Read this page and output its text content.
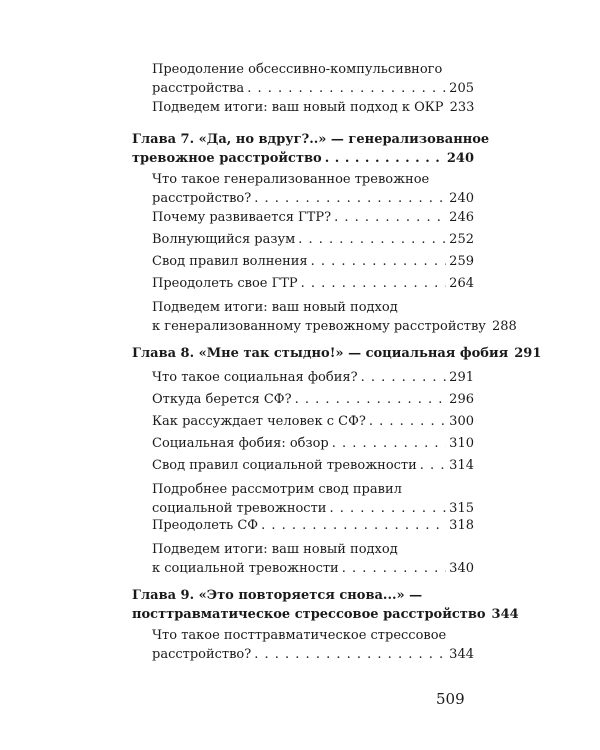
Преодоление обсессивно-компульсивного
расстройства . . .	205
Подведем итоги: ваш новый подход к ОКР 233
Глава 7. «Да, но вдруг?..» — генерализованное
тревожное расстройство . . .	240
Что такое генерализованное тревожное
расстройство? . . .	240
Почему развивается ГТР? . . .	246
Волнующийся разум . . .	252
Свод правил волнения . . .	259
Преодолеть свое ГТР . . .	264
Подведем итоги: ваш новый подход
к генерализованному тревожному расстройству 288
Глава 8. «Мне так стыдно!» — социальная фобия 291
Что такое социальная фобия? . . .	291
Откуда берется СФ? . . .	296
Как рассуждает человек с СФ? . . .	300
Социальная фобия: обзор . . .	310
Свод правил социальной тревожности . . . 314
Подробнее рассмотрим свод правил
социальной тревожности . . .	315
Преодолеть СФ . . .	318
Подведем итоги: ваш новый подход
к социальной тревожности . . .	340
Глава 9. «Это повторяется снова...» —
посттравматическое стрессовое расстройство 344
Что такое посттравматическое стрессовое
расстройство? . . .	344
509
